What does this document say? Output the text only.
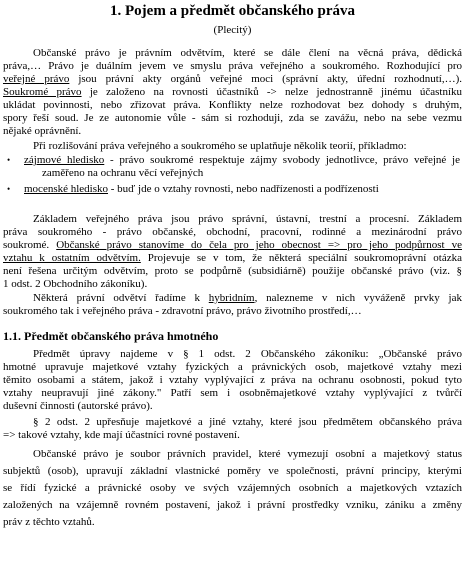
1. Pojem a předmět občanského práva
(Plecitý)
Občanské právo je právním odvětvím, které se dále člení na věcná práva, dědická
práva,… Právo je duálním jevem ve smyslu práva veřejného a soukromého. Rozhodující pro
veřejné právo jsou právní akty orgánů veřejné moci (správní akty, úřední rozhodnutí,…).
Soukromé právo je založeno na rovnosti účastníků -> nelze jednostranně jinému účastníku
ukládat povinnosti, nebo zřizovat práva. Konflikty nelze rozhodovat bez dohody s druhým,
spory řeší soud. Je ze autonomie vůle - sám si rozhoduji, zda se zavážu, nebo na sebe vezmu
nějaké oprávnění.
Při rozlišování práva veřejného a soukromého se uplatňuje několik teorií, příkladmo:
• zájmové hledisko - právo soukromé respektuje zájmy svobody jednotlivce, právo veřejné je
zaměřeno na ochranu věcí veřejných
• mocenské hledisko - buď jde o vztahy rovnosti, nebo nadřízenosti a podřízenosti
Základem veřejného práva jsou právo správní, ústavní, trestní a procesní. Základem
práva soukromého - právo občanské, obchodní, pracovní, rodinné a mezinárodní právo
soukromé. Občanské právo stanovíme do čela pro jeho obecnost => pro jeho podpůrnost ve
vztahu k ostatním odvětvím. Projevuje se v tom, že některá speciální soukromoprávní otázka
není řešena určitým odvětvím, proto se podpůrně (subsidiárně) použije občanské právo (viz. §
1 odst. 2 Obchodního zákoníku).
Některá právní odvětví řadíme k hybridním, nalezneme v nich vyváženě prvky jak
soukromého tak i veřejného práva - zdravotní právo, právo životního prostředí,…
1.1. Předmět občanského práva hmotného
Předmět úpravy najdeme v § 1 odst. 2 Občanského zákoníku: „Občanské právo
hmotné upravuje majetkové vztahy fyzických a právnických osob, majetkové vztahy mezi
těmito osobami a státem, jakož i vztahy vyplývající z práva na ochranu osobnosti, pokud tyto
vztahy neupravují jiné zákony." Patří sem i osobněmajetkové vztahy vyplývající z tvůrčí
duševní činnosti (autorské právo).
§ 2 odst. 2 upřesňuje majetkové a jiné vztahy, které jsou předmětem občanského práva
=> takové vztahy, kde mají účastníci rovné postavení.
Občanské právo je soubor právních pravidel, které vymezují osobní a majetkový status
subjektů (osob), upravují základní vlastnické poměry ve společnosti, právní principy, kterými
se řídí fyzické a právnické osoby ve svých vzájemných osobních a majetkových vztazích
založených na vzájemně rovném postavení, jakož i právní prostředky vzniku, zániku a změny
práv z těchto vztahů.
